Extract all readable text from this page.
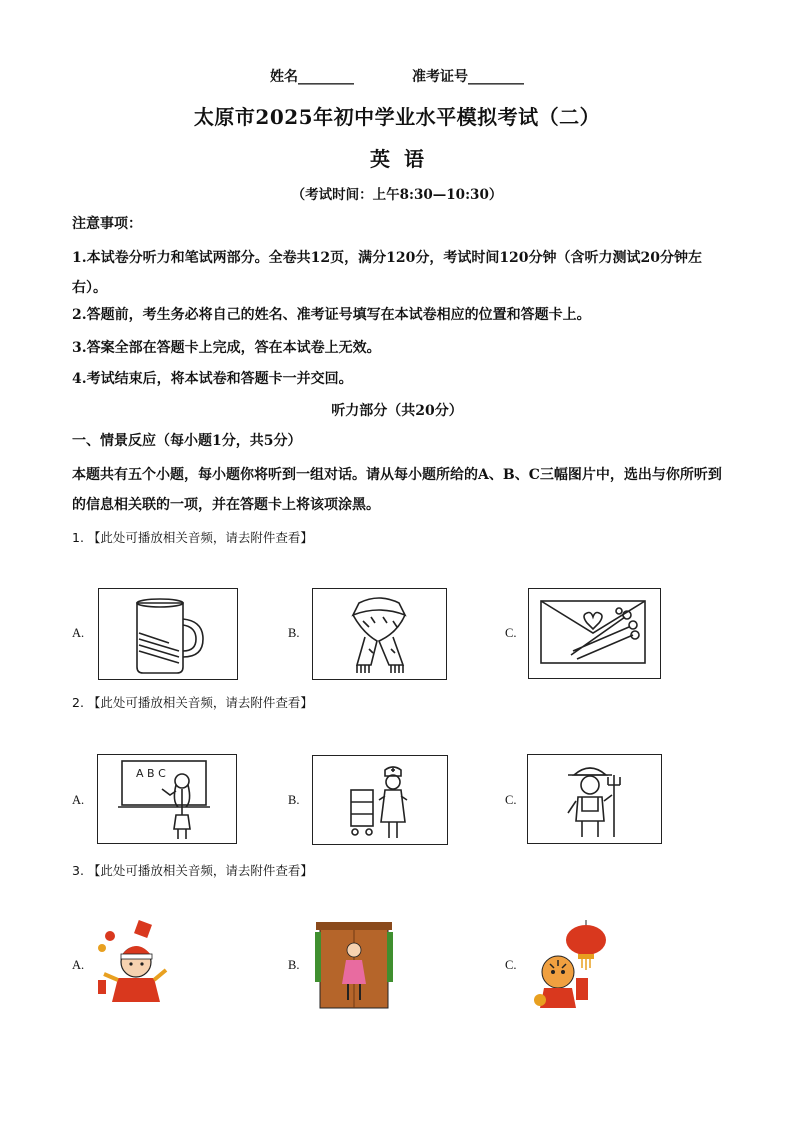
姓名________	准考证号________
太原市2025年初中学业水平模拟考试（二）
英  语
（考试时间：上午8:30—10:30）
注意事项：
1.本试卷分听力和笔试两部分。全卷共12页，满分120分，考试时间120分钟（含听力测试20分钟左右）。
2.答题前，考生务必将自己的姓名、准考证号填写在本试卷相应的位置和答题卡上。
3.答案全部在答题卡上完成，答在本试卷上无效。
4.考试结束后，将本试卷和答题卡一并交回。
听力部分（共20分）
一、情景反应（每小题1分，共5分）
本题共有五个小题，每小题你将听到一组对话。请从每小题所给的A、B、C三幅图片中，选出与你所听到的信息相关联的一项，并在答题卡上将该项涂黑。
1. 【此处可播放相关音频，请去附件查看】
A.	B.	C.
2. 【此处可播放相关音频，请去附件查看】
A.
A B C
B.	C.
3. 【此处可播放相关音频，请去附件查看】
A.	B.	C.
